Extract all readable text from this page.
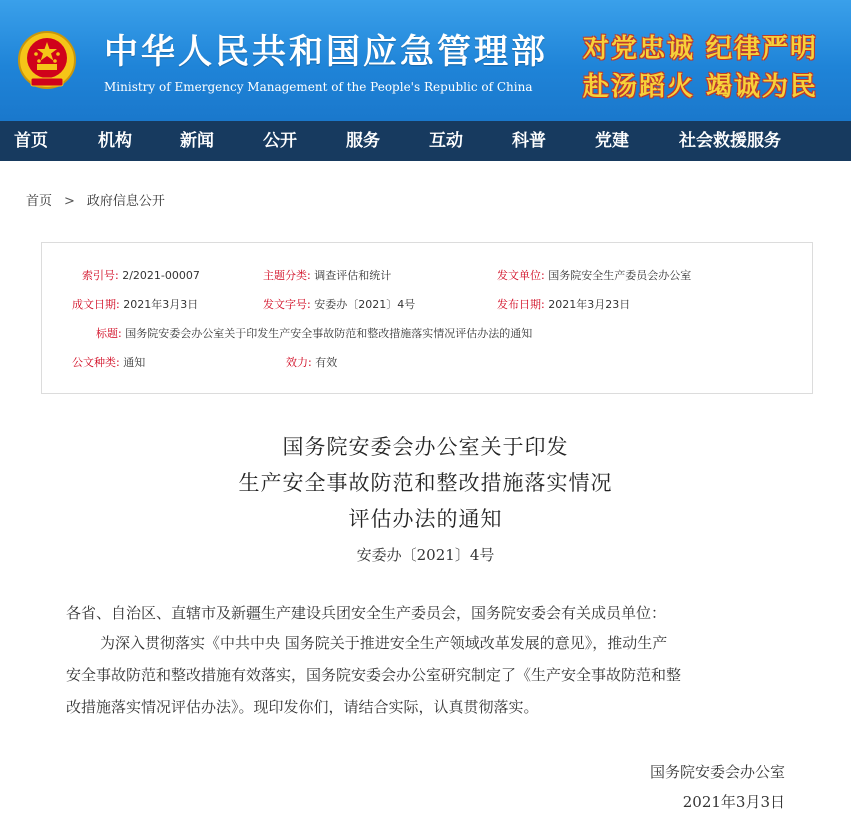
中华人民共和国应急管理部
Ministry of Emergency Management of the People's Republic of China
对党忠诚 纪律严明
赴汤蹈火 竭诚为民
首页	机构	新闻	公开	服务	互动	科普	党建	社会救援服务
首页 > 政府信息公开
索引号: 2/2021-00007	主题分类: 调查评估和统计	发文单位: 国务院安全生产委员会办公室
成文日期: 2021年3月3日	发文字号: 安委办〔2021〕4号	发布日期: 2021年3月23日
标题: 国务院安委会办公室关于印发生产安全事故防范和整改措施落实情况评估办法的通知
公文种类: 通知	效力: 有效
国务院安委会办公室关于印发
生产安全事故防范和整改措施落实情况
评估办法的通知
安委办〔2021〕4号
各省、自治区、直辖市及新疆生产建设兵团安全生产委员会，国务院安委会有关成员单位：
为深入贯彻落实《中共中央 国务院关于推进安全生产领域改革发展的意见》，推动生产
安全事故防范和整改措施有效落实，国务院安委会办公室研究制定了《生产安全事故防范和整
改措施落实情况评估办法》。现印发你们，请结合实际，认真贯彻落实。
国务院安委会办公室
2021年3月3日
